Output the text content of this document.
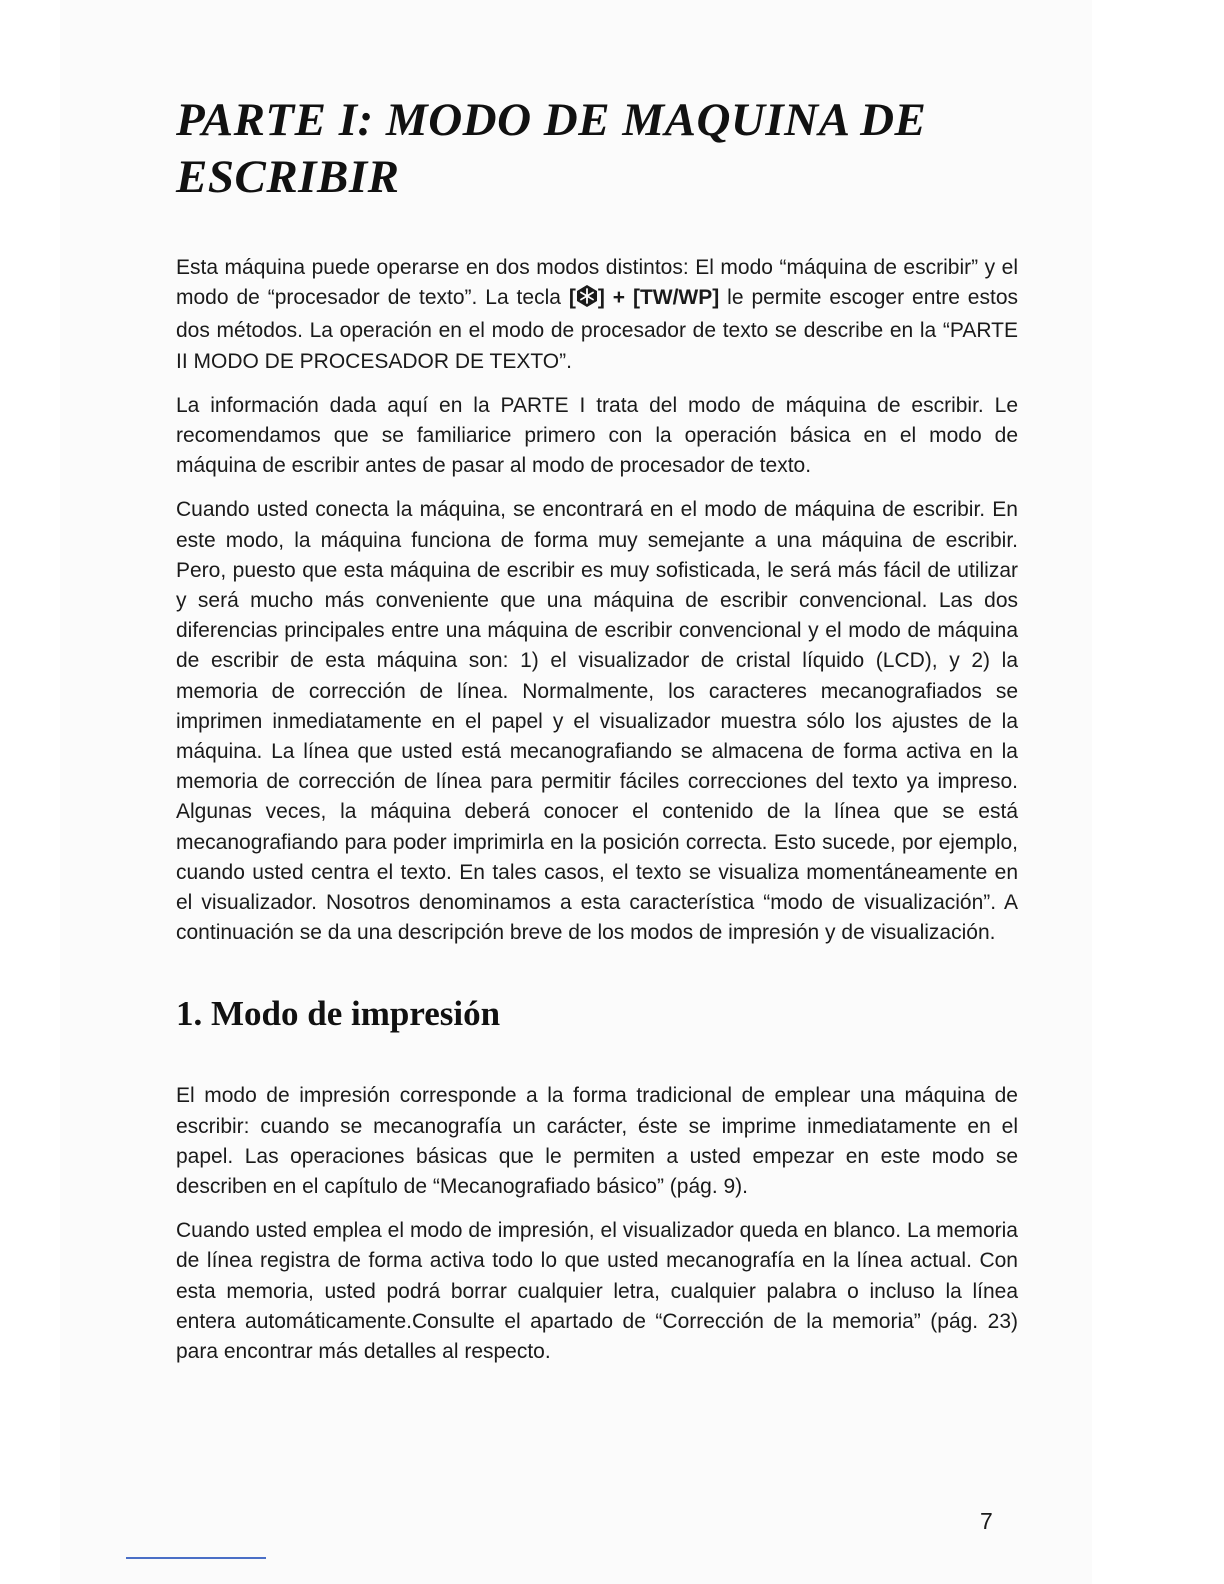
PARTE I: MODO DE MAQUINA DE
ESCRIBIR

Esta máquina puede operarse en dos modos distintos: El modo “máquina de escribir” y el modo de “procesador de texto”. La tecla [ ] + [TW/WP] le permite escoger entre estos dos métodos. La operación en el modo de procesador de texto se describe en la “PARTE II MODO DE PROCESADOR DE TEXTO”.

La información dada aquí en la PARTE I trata del modo de máquina de escribir. Le recomendamos que se familiarice primero con la operación básica en el modo de máquina de escribir antes de pasar al modo de procesador de texto.

Cuando usted conecta la máquina, se encontrará en el modo de máquina de escribir. En este modo, la máquina funciona de forma muy semejante a una máquina de escribir. Pero, puesto que esta máquina de escribir es muy sofisticada, le será más fácil de utilizar y será mucho más conveniente que una máquina de escribir convencional. Las dos diferencias principales entre una máquina de escribir convencional y el modo de máquina de escribir de esta máquina son: 1) el visualizador de cristal líquido (LCD), y 2) la memoria de corrección de línea. Normalmente, los caracteres mecanografiados se imprimen inmediatamente en el papel y el visualizador muestra sólo los ajustes de la máquina. La línea que usted está mecanografiando se almacena de forma activa en la memoria de corrección de línea para permitir fáciles correcciones del texto ya impreso. Algunas veces, la máquina deberá conocer el contenido de la línea que se está mecanografiando para poder imprimirla en la posición correcta. Esto sucede, por ejemplo, cuando usted centra el texto. En tales casos, el texto se visualiza momentáneamente en el visualizador. Nosotros denominamos a esta característica “modo de visualización”. A continuación se da una descripción breve de los modos de impresión y de visualización.

1. Modo de impresión

El modo de impresión corresponde a la forma tradicional de emplear una máquina de escribir: cuando se mecanografía un carácter, éste se imprime inmediatamente en el papel. Las operaciones básicas que le permiten a usted empezar en este modo se describen en el capítulo de “Mecanografiado básico” (pág. 9).

Cuando usted emplea el modo de impresión, el visualizador queda en blanco. La memoria de línea registra de forma activa todo lo que usted mecanografía en la línea actual. Con esta memoria, usted podrá borrar cualquier letra, cualquier palabra o incluso la línea entera automáticamente.Consulte el apartado de “Corrección de la memoria” (pág. 23) para encontrar más detalles al respecto.

7
